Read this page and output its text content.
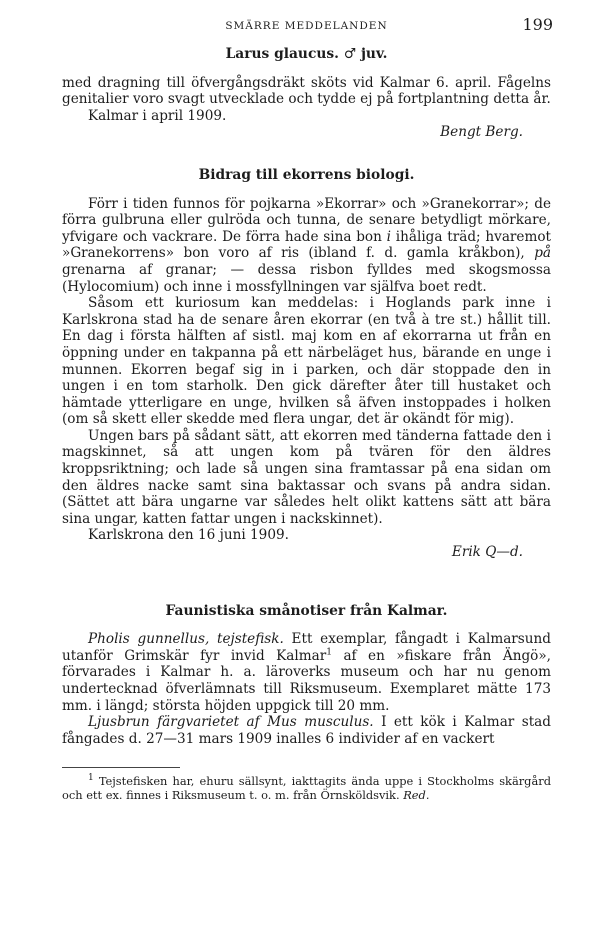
SMÄRRE MEDDELANDEN	199

Larus glaucus. ♂ juv.

med dragning till öfvergångsdräkt sköts vid Kalmar 6. april. Fågelns genitalier voro svagt utvecklade och tydde ej på fortplantning detta år.

Kalmar i april 1909.

Bengt Berg.

Bidrag till ekorrens biologi.

Förr i tiden funnos för pojkarna »Ekorrar» och »Granekorrar»; de förra gulbruna eller gulröda och tunna, de senare betydligt mörkare, yfvigare och vackrare. De förra hade sina bon i ihåliga träd; hvaremot »Granekorrens» bon voro af ris (ibland f. d. gamla kråkbon), på grenarna af granar; — dessa risbon fylldes med skogsmossa (Hylocomium) och inne i mossfyllningen var själfva boet redt.

Såsom ett kuriosum kan meddelas: i Hoglands park inne i Karlskrona stad ha de senare åren ekorrar (en två à tre st.) hållit till. En dag i första hälften af sistl. maj kom en af ekorrarna ut från en öppning under en takpanna på ett närbeläget hus, bärande en unge i munnen. Ekorren begaf sig in i parken, och där stoppade den in ungen i en tom starholk. Den gick därefter åter till hustaket och hämtade ytterligare en unge, hvilken så äfven instoppades i holken (om så skett eller skedde med flera ungar, det är okändt för mig).

Ungen bars på sådant sätt, att ekorren med tänderna fattade den i magskinnet, så att ungen kom på tvären för den äldres kroppsriktning; och lade så ungen sina framtassar på ena sidan om den äldres nacke samt sina baktassar och svans på andra sidan. (Sättet att bära ungarne var således helt olikt kattens sätt att bära sina ungar, katten fattar ungen i nackskinnet).

Karlskrona den 16 juni 1909.

Erik Q—d.

Faunistiska smånotiser från Kalmar.

Pholis gunnellus, tejstefisk. Ett exemplar, fångadt i Kalmarsund utanför Grimskär fyr invid Kalmar$^1$ af en »fiskare från Ängö», förvarades i Kalmar h. a. läroverks museum och har nu genom undertecknad öfverlämnats till Riksmuseum. Exemplaret mätte 173 mm. i längd; största höjden uppgick till 20 mm.

Ljusbrun färgvarietet af Mus musculus. I ett kök i Kalmar stad fångades d. 27—31 mars 1909 inalles 6 individer af en vackert

$^1$ Tejstefisken har, ehuru sällsynt, iakttagits ända uppe i Stockholms skärgård och ett ex. finnes i Riksmuseum t. o. m. från Örnsköldsvik. Red.
